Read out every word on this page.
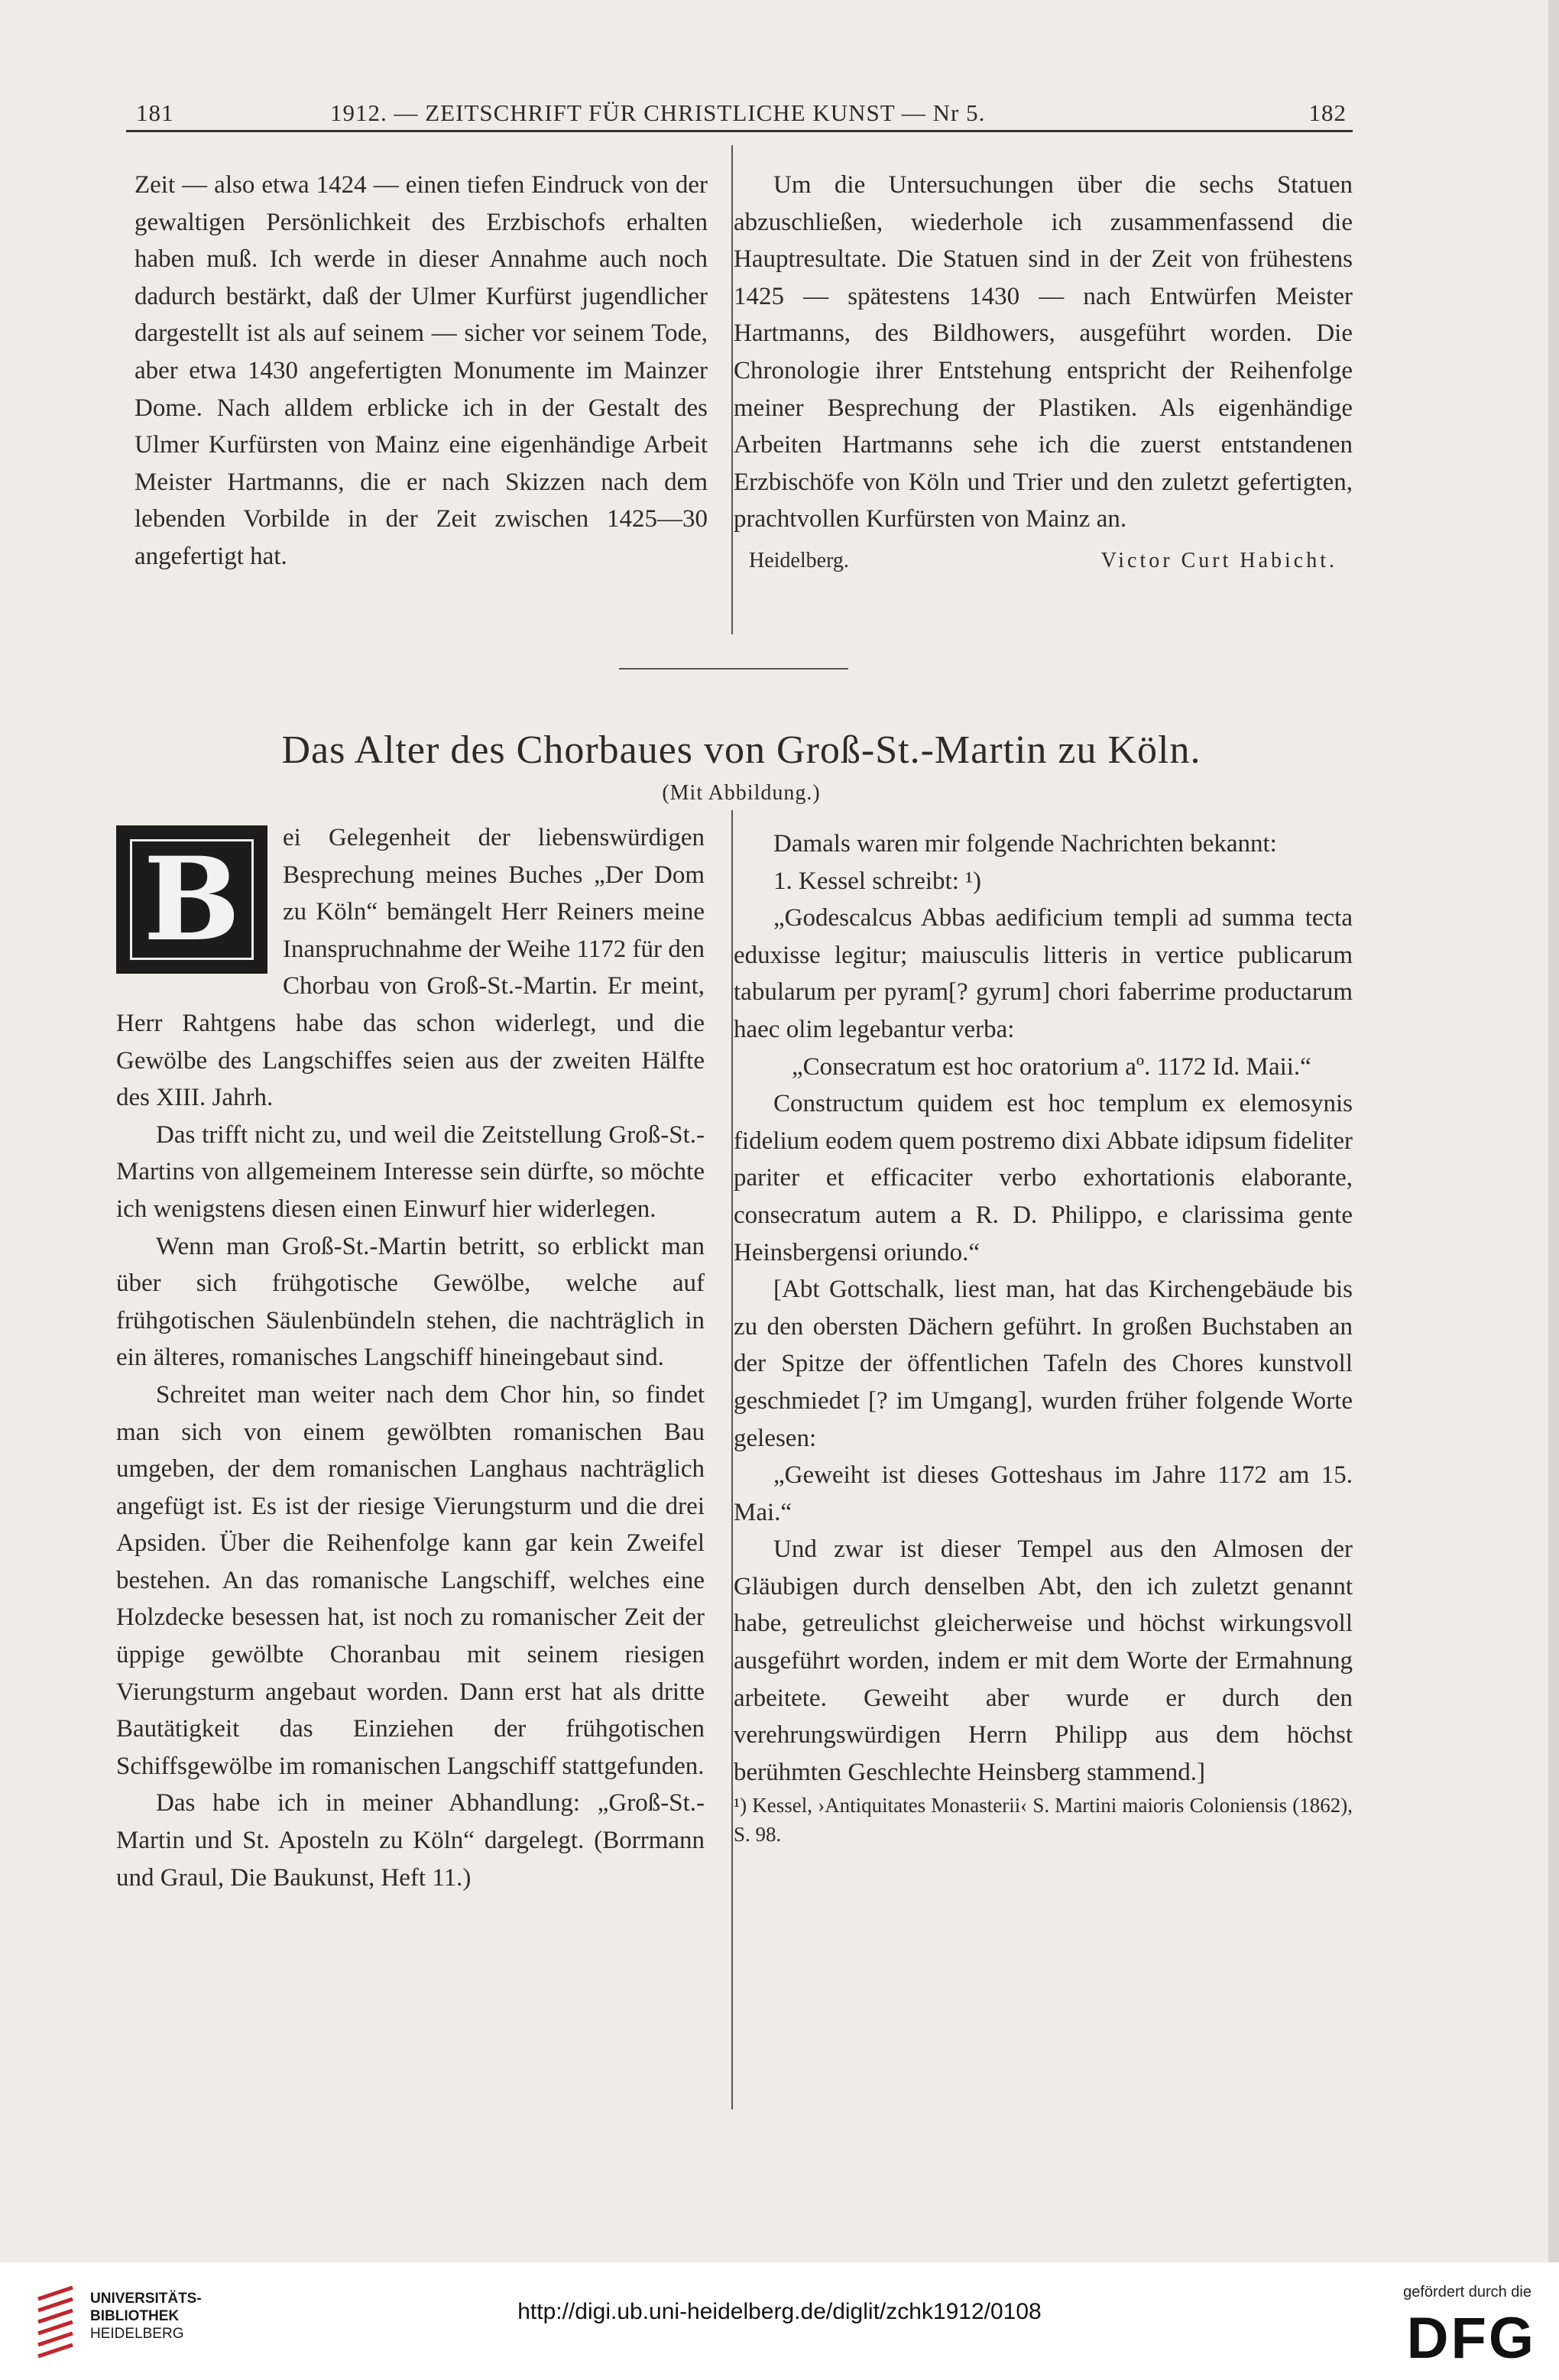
181	1912. — ZEITSCHRIFT FÜR CHRISTLICHE KUNST — Nr 5.	182

Zeit — also etwa 1424 — einen tiefen Eindruck von der gewaltigen Persönlichkeit des Erzbischofs erhalten haben muß. Ich werde in dieser Annahme auch noch dadurch bestärkt, daß der Ulmer Kurfürst jugendlicher dargestellt ist als auf seinem — sicher vor seinem Tode, aber etwa 1430 angefertigten Monumente im Mainzer Dome. Nach alldem erblicke ich in der Gestalt des Ulmer Kurfürsten von Mainz eine eigenhändige Arbeit Meister Hartmanns, die er nach Skizzen nach dem lebenden Vorbilde in der Zeit zwischen 1425—30 angefertigt hat.

Um die Untersuchungen über die sechs Statuen abzuschließen, wiederhole ich zusammenfassend die Hauptresultate. Die Statuen sind in der Zeit von frühestens 1425 — spätestens 1430 — nach Entwürfen Meister Hartmanns, des Bildhowers, ausgeführt worden. Die Chronologie ihrer Entstehung entspricht der Reihenfolge meiner Besprechung der Plastiken. Als eigenhändige Arbeiten Hartmanns sehe ich die zuerst entstandenen Erzbischöfe von Köln und Trier und den zuletzt gefertigten, prachtvollen Kurfürsten von Mainz an.

Heidelberg.	Victor Curt Habicht.

Das Alter des Chorbaues von Groß-St.-Martin zu Köln.
(Mit Abbildung.)
B	ei Gelegenheit der liebenswürdigen Besprechung meines Buches „Der Dom zu Köln“ bemängelt Herr Reiners meine Inanspruchnahme der Weihe 1172 für den Chorbau von Groß-St.-Martin. Er meint, Herr Rahtgens habe das schon widerlegt, und die Gewölbe des Langschiffes seien aus der zweiten Hälfte des XIII. Jahrh.

Das trifft nicht zu, und weil die Zeitstellung Groß-St.-Martins von allgemeinem Interesse sein dürfte, so möchte ich wenigstens diesen einen Einwurf hier widerlegen.

Wenn man Groß-St.-Martin betritt, so erblickt man über sich frühgotische Gewölbe, welche auf frühgotischen Säulenbündeln stehen, die nachträglich in ein älteres, romanisches Langschiff hineingebaut sind.

Schreitet man weiter nach dem Chor hin, so findet man sich von einem gewölbten romanischen Bau umgeben, der dem romanischen Langhaus nachträglich angefügt ist. Es ist der riesige Vierungsturm und die drei Apsiden. Über die Reihenfolge kann gar kein Zweifel bestehen. An das romanische Langschiff, welches eine Holzdecke besessen hat, ist noch zu romanischer Zeit der üppige gewölbte Choranbau mit seinem riesigen Vierungsturm angebaut worden. Dann erst hat als dritte Bautätigkeit das Einziehen der frühgotischen Schiffsgewölbe im romanischen Langschiff stattgefunden.

Das habe ich in meiner Abhandlung: „Groß-St.-Martin und St. Aposteln zu Köln“ dargelegt. (Borrmann und Graul, Die Baukunst, Heft 11.)

Damals waren mir folgende Nachrichten bekannt:

1. Kessel schreibt: ¹)

„Godescalcus Abbas aedificium templi ad summa tecta eduxisse legitur; maiusculis litteris in vertice publicarum tabularum per pyram[? gyrum] chori faberrime productarum haec olim legebantur verba:

„Consecratum est hoc oratorium aº. 1172 Id. Maii.“

Constructum quidem est hoc templum ex elemosynis fidelium eodem quem postremo dixi Abbate idipsum fideliter pariter et efficaciter verbo exhortationis elaborante, consecratum autem a R. D. Philippo, e clarissima gente Heinsbergensi oriundo.“

[Abt Gottschalk, liest man, hat das Kirchengebäude bis zu den obersten Dächern geführt. In großen Buchstaben an der Spitze der öffentlichen Tafeln des Chores kunstvoll geschmiedet [? im Umgang], wurden früher folgende Worte gelesen:

„Geweiht ist dieses Gotteshaus im Jahre 1172 am 15. Mai.“

Und zwar ist dieser Tempel aus den Almosen der Gläubigen durch denselben Abt, den ich zuletzt genannt habe, getreulichst gleicherweise und höchst wirkungsvoll ausgeführt worden, indem er mit dem Worte der Ermahnung arbeitete. Geweiht aber wurde er durch den verehrungswürdigen Herrn Philipp aus dem höchst berühmten Geschlechte Heinsberg stammend.]

¹) Kessel, ›Antiquitates Monasterii‹ S. Martini maioris Coloniensis (1862), S. 98.

UNIVERSITÄTS-
BIBLIOTHEK
HEIDELBERG
http://digi.ub.uni-heidelberg.de/diglit/zchk1912/0108
gefördert durch die
DFG
